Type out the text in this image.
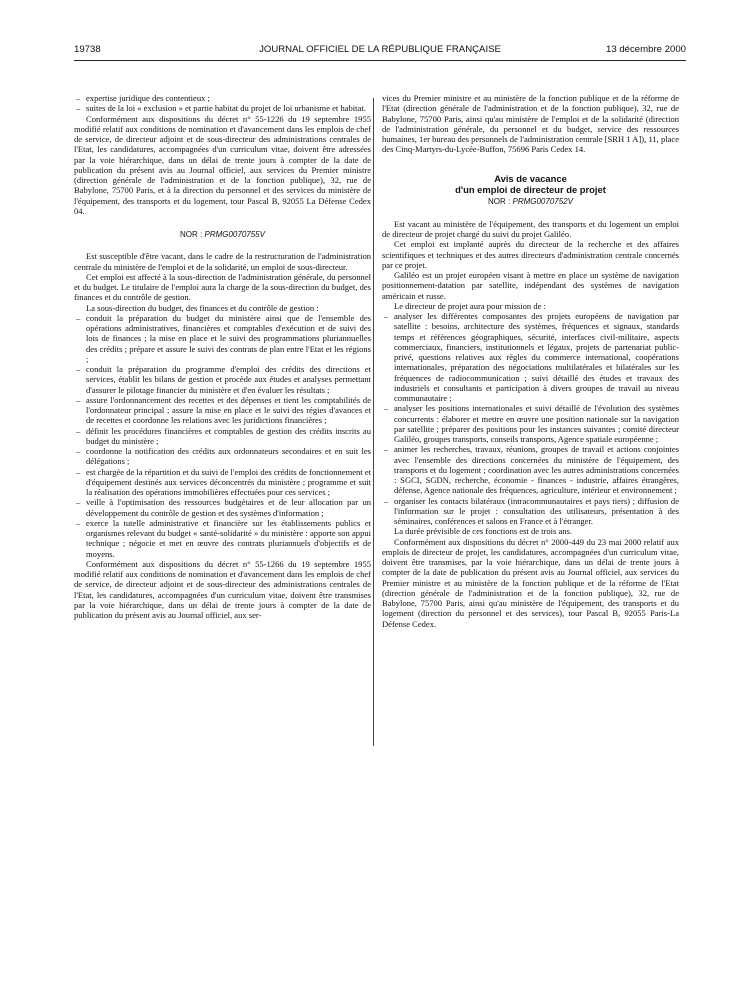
19738	JOURNAL OFFICIEL DE LA RÉPUBLIQUE FRANÇAISE	13 décembre 2000
– expertise juridique des contentieux ;
– suites de la loi « exclusion » et partie habitat du projet de loi urbanisme et habitat.

Conformément aux dispositions du décret n° 55-1226 du 19 septembre 1955 modifié relatif aux conditions de nomination et d'avancement dans les emplois de chef de service, de directeur adjoint et de sous-directeur des administrations centrales de l'Etat, les candidatures, accompagnées d'un curriculum vitae, doivent être adressées par la voie hiérarchique, dans un délai de trente jours à compter de la date de publication du présent avis au Journal officiel, aux services du Premier ministre (direction générale de l'administration et de la fonction publique), 32, rue de Babylone, 75700 Paris, et à la direction du personnel et des services du ministère de l'équipement, des transports et du logement, tour Pascal B, 92055 La Défense Cedex 04.

NOR : PRMG0070755V

Est susceptible d'être vacant, dans le cadre de la restructuration de l'administration centrale du ministère de l'emploi et de la solidarité, un emploi de sous-directeur.

Cet emploi est affecté à la sous-direction de l'administration générale, du personnel et du budget. Le titulaire de l'emploi aura la charge de la sous-direction du budget, des finances et du contrôle de gestion.

La sous-direction du budget, des finances et du contrôle de gestion :

– conduit la préparation du budget du ministère ainsi que de l'ensemble des opérations administratives, financières et comptables d'exécution et de suivi des lois de finances ; la mise en place et le suivi des programmations pluriannuelles des crédits ; prépare et assure le suivi des contrats de plan entre l'Etat et les régions ;
– conduit la préparation du programme d'emploi des crédits des directions et services, établit les bilans de gestion et procède aux études et analyses permettant d'assurer le pilotage financier du ministère et d'en évaluer les résultats ;
– assure l'ordonnancement des recettes et des dépenses et tient les comptabilités de l'ordonnateur principal ; assure la mise en place et le suivi des régies d'avances et de recettes et coordonne les relations avec les juridictions financières ;
– définit les procédures financières et comptables de gestion des crédits inscrits au budget du ministère ;
– coordonne la notification des crédits aux ordonnateurs secondaires et en suit les délégations ;
– est chargée de la répartition et du suivi de l'emploi des crédits de fonctionnement et d'équipement destinés aux services déconcentrés du ministère ; programme et suit la réalisation des opérations immobilières effectuées pour ces services ;
– veille à l'optimisation des ressources budgétaires et de leur allocation par un développement du contrôle de gestion et des systèmes d'information ;
– exerce la tutelle administrative et financière sur les établissements publics et organismes relevant du budget « santé-solidarité » du ministère : apporte son appui technique ; négocie et met en œuvre des contrats pluriannuels d'objectifs et de moyens.

Conformément aux dispositions du décret n° 55-1266 du 19 septembre 1955 modifié relatif aux conditions de nomination et d'avancement dans les emplois de chef de service, de directeur adjoint et de sous-directeur des administrations centrales de l'Etat, les candidatures, accompagnées d'un curriculum vitae, doivent être transmises par la voie hiérarchique, dans un délai de trente jours à compter de la date de publication du présent avis au Journal officiel, aux ser-

vices du Premier ministre et au ministère de la fonction publique et de la réforme de l'Etat (direction générale de l'administration et de la fonction publique), 32, rue de Babylone, 75700 Paris, ainsi qu'au ministère de l'emploi et de la solidarité (direction de l'administration générale, du personnel et du budget, service des ressources humaines, 1er bureau des personnels de l'administration centrale [SRH 1 A]), 11, place des Cinq-Martyrs-du-Lycée-Buffon, 75696 Paris Cedex 14.

Avis de vacance
d'un emploi de directeur de projet
NOR : PRMG0070752V

Est vacant au ministère de l'équipement, des transports et du logement un emploi de directeur de projet chargé du suivi du projet Galiléo.

Cet emploi est implanté auprès du directeur de la recherche et des affaires scientifiques et techniques et des autres directeurs d'administration centrale concernés par ce projet.

Galiléo est un projet européen visant à mettre en place un système de navigation positionnement-datation par satellite, indépendant des systèmes de navigation américain et russe.

Le directeur de projet aura pour mission de :

– analyser les différentes composantes des projets européens de navigation par satellite : besoins, architecture des systèmes, fréquences et signaux, standards temps et références géographiques, sécurité, interfaces civil-militaire, aspects commerciaux, financiers, institutionnels et légaux, projets de partenariat public-privé, questions relatives aux règles du commerce international, coopérations internationales, préparation des négociations multilatérales et bilatérales sur les fréquences de radiocommunication ; suivi détaillé des études et travaux des industriels et consultants et participation à divers groupes de travail au niveau communautaire ;
– analyser les positions internationales et suivi détaillé de l'évolution des systèmes concurrents : élaborer et mettre en œuvre une position nationale sur la navigation par satellite ; préparer des positions pour les instances suivantes ; comité directeur Galiléo, groupes transports, conseils transports, Agence spatiale européenne ;
– animer les recherches, travaux, réunions, groupes de travail et actions conjointes avec l'ensemble des directions concernées du ministère de l'équipement, des transports et du logement ; coordination avec les autres administrations concernées : SGCI, SGDN, recherche, économie - finances - industrie, affaires étrangères, défense, Agence nationale des fréquences, agriculture, intérieur et environnement ;
– organiser les contacts bilatéraux (intracommunautaires et pays tiers) ; diffusion de l'information sur le projet : consultation des utilisateurs, présentation à des séminaires, conférences et salons en France et à l'étranger.

La durée prévisible de ces fonctions est de trois ans.

Conformément aux dispositions du décret n° 2000-449 du 23 mai 2000 relatif aux emplois de directeur de projet, les candidatures, accompagnées d'un curriculum vitae, doivent être transmises, par la voie hiérarchique, dans un délai de trente jours à compter de la date de publication du présent avis au Journal officiel, aux services du Premier ministre et au ministère de la fonction publique et de la réforme de l'Etat (direction générale de l'administration et de la fonction publique), 32, rue de Babylone, 75700 Paris, ainsi qu'au ministère de l'équipement, des transports et du logement (direction du personnel et des services), tour Pascal B, 92055 Paris-La Défense Cedex.
